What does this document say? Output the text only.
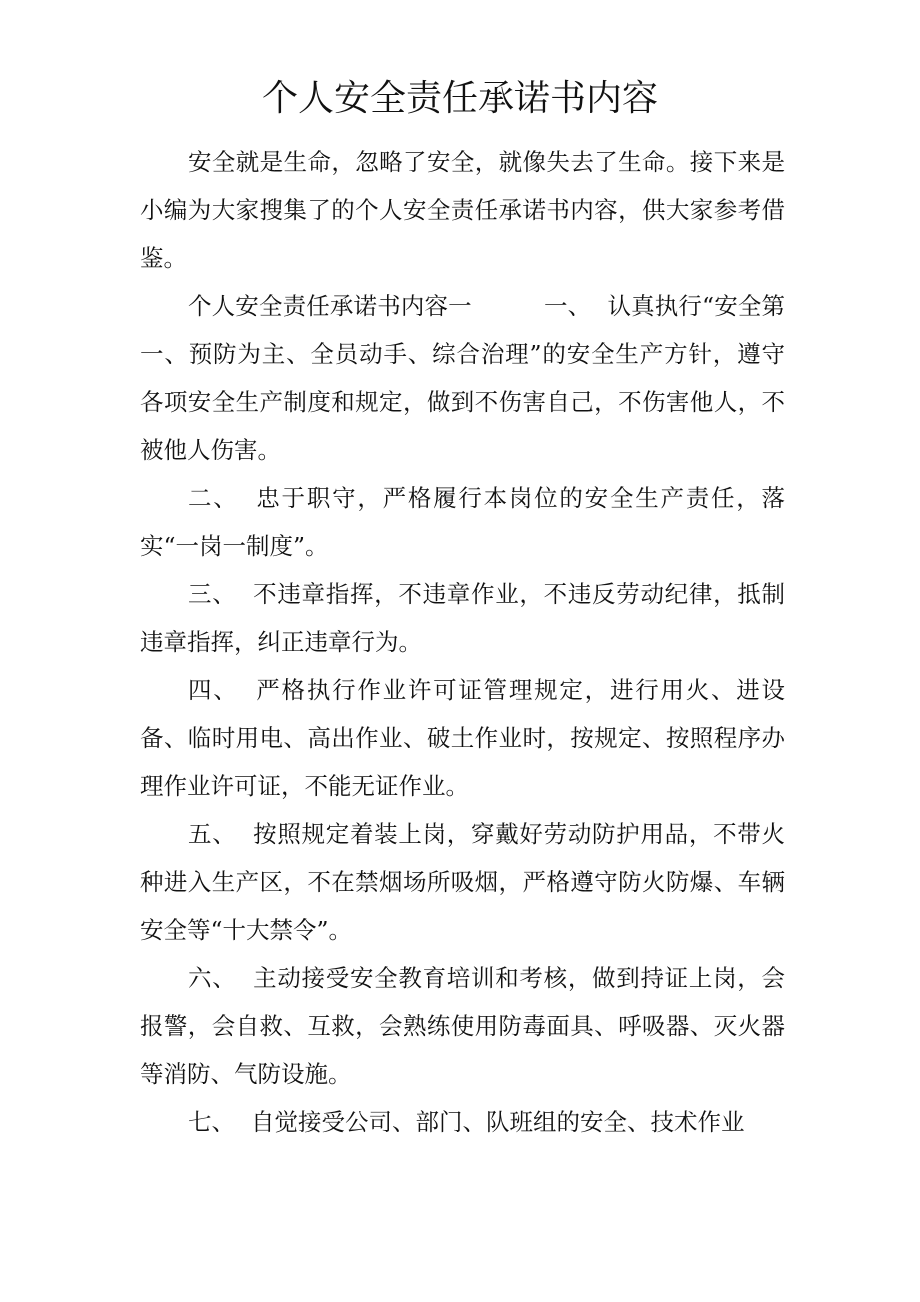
个人安全责任承诺书内容

安全就是生命，忽略了安全，就像失去了生命。接下来是小编为大家搜集了的个人安全责任承诺书内容，供大家参考借鉴。

个人安全责任承诺书内容一	一、 认真执行“安全第一、预防为主、全员动手、综合治理”的安全生产方针，遵守各项安全生产制度和规定，做到不伤害自己，不伤害他人，不被他人伤害。

二、 忠于职守，严格履行本岗位的安全生产责任，落实“一岗一制度”。

三、 不违章指挥，不违章作业，不违反劳动纪律，抵制违章指挥，纠正违章行为。

四、 严格执行作业许可证管理规定，进行用火、进设备、临时用电、高出作业、破土作业时，按规定、按照程序办理作业许可证，不能无证作业。

五、 按照规定着装上岗，穿戴好劳动防护用品，不带火种进入生产区，不在禁烟场所吸烟，严格遵守防火防爆、车辆安全等“十大禁令”。

六、 主动接受安全教育培训和考核，做到持证上岗，会报警，会自救、互救，会熟练使用防毒面具、呼吸器、灭火器等消防、气防设施。

七、 自觉接受公司、部门、队班组的安全、技术作业
